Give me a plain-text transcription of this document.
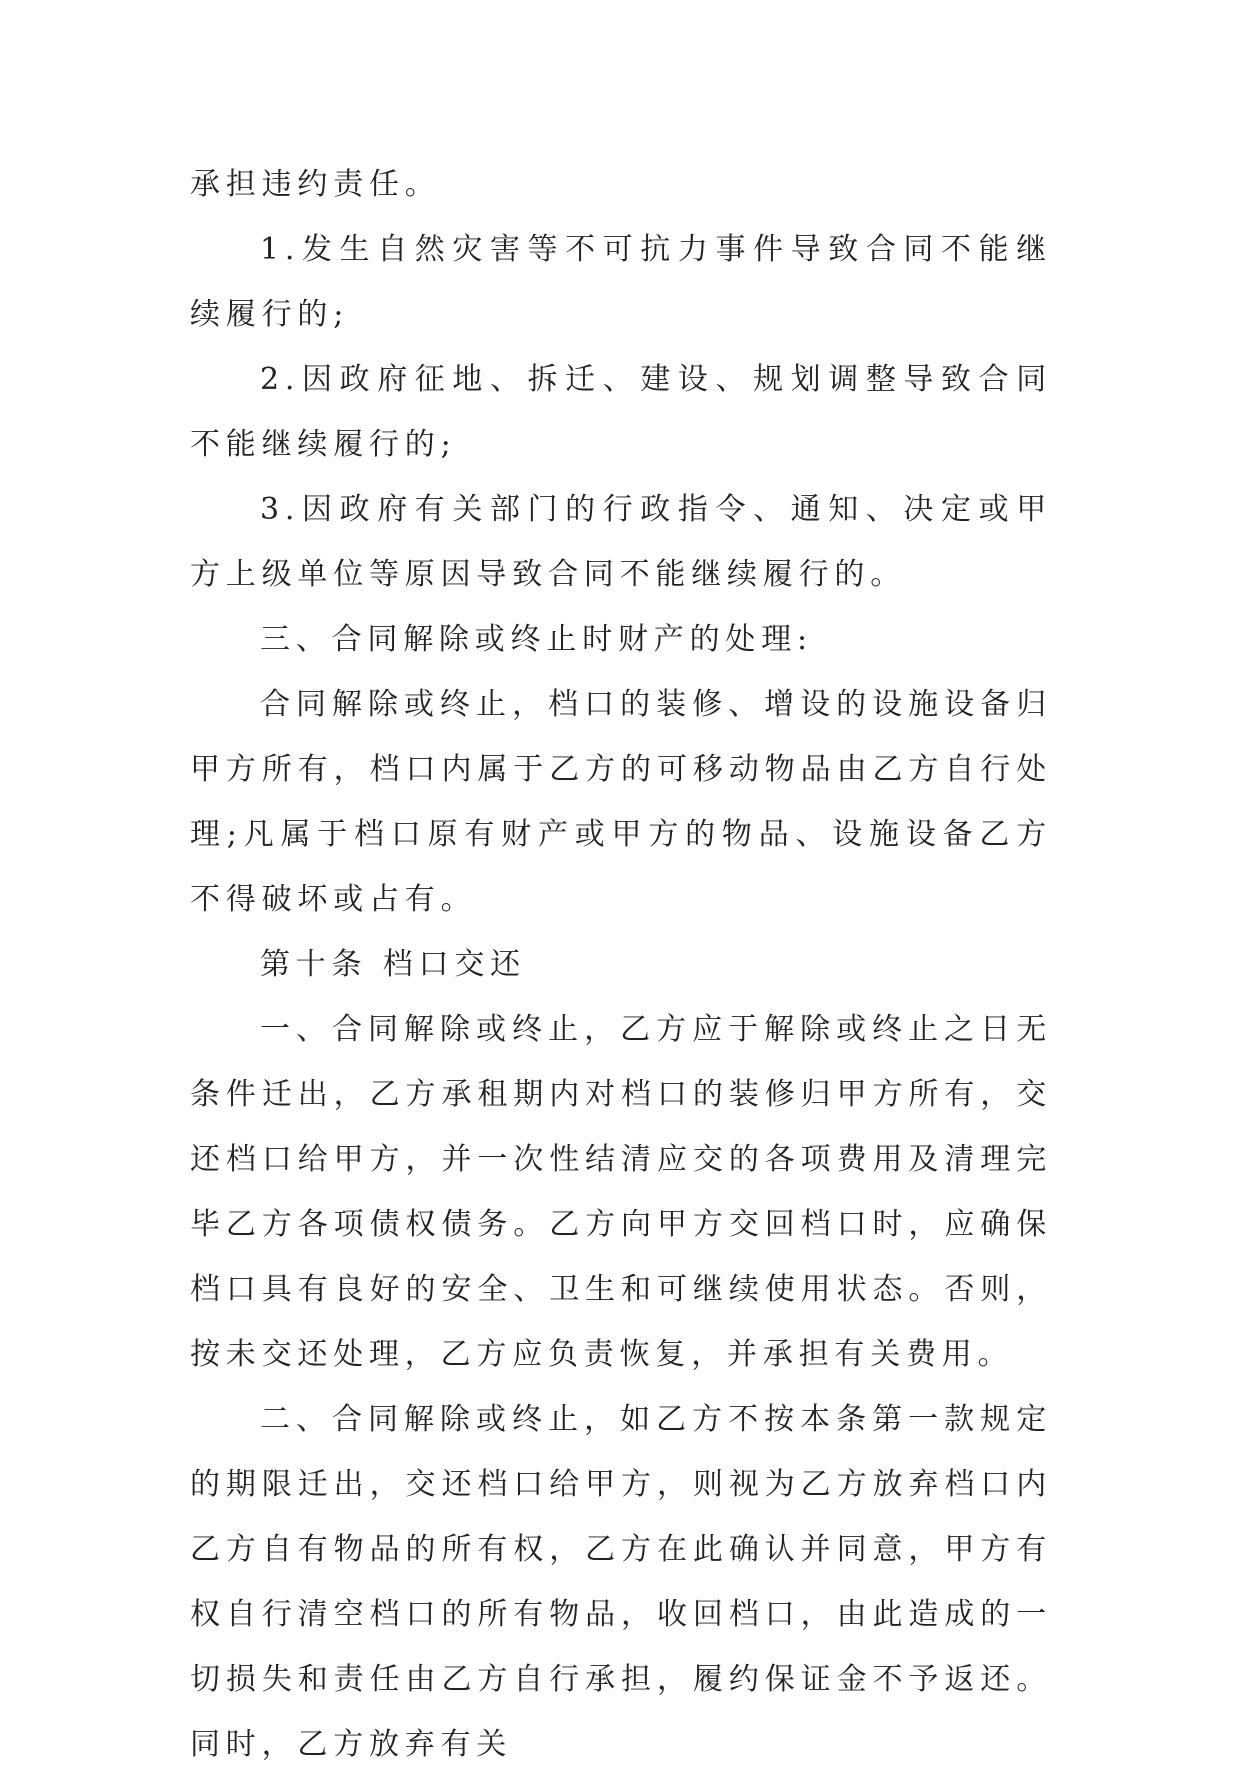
承担违约责任。

1.发生自然灾害等不可抗力事件导致合同不能继续履行的;

2.因政府征地、拆迁、建设、规划调整导致合同不能继续履行的;

3.因政府有关部门的行政指令、通知、决定或甲方上级单位等原因导致合同不能继续履行的。

三、合同解除或终止时财产的处理:

合同解除或终止，档口的装修、增设的设施设备归甲方所有，档口内属于乙方的可移动物品由乙方自行处理;凡属于档口原有财产或甲方的物品、设施设备乙方不得破坏或占有。

第十条 档口交还

一、合同解除或终止，乙方应于解除或终止之日无条件迁出，乙方承租期内对档口的装修归甲方所有，交还档口给甲方，并一次性结清应交的各项费用及清理完毕乙方各项债权债务。乙方向甲方交回档口时，应确保档口具有良好的安全、卫生和可继续使用状态。否则，按未交还处理，乙方应负责恢复，并承担有关费用。

二、合同解除或终止，如乙方不按本条第一款规定的期限迁出，交还档口给甲方，则视为乙方放弃档口内乙方自有物品的所有权，乙方在此确认并同意，甲方有权自行清空档口的所有物品，收回档口，由此造成的一切损失和责任由乙方自行承担，履约保证金不予返还。 同时，乙方放弃有关
